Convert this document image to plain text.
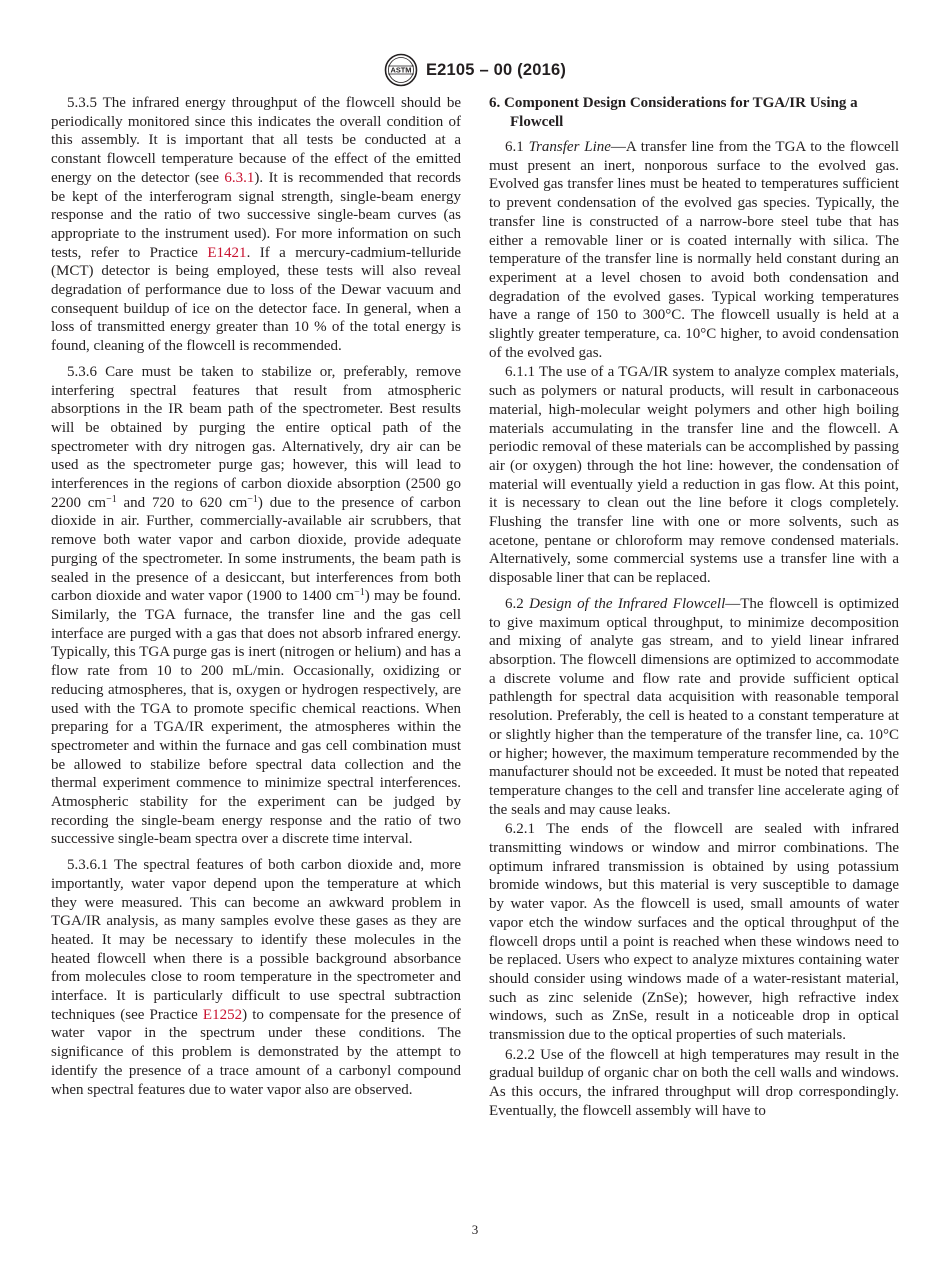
ASTM E2105 – 00 (2016)

5.3.5 The infrared energy throughput of the flowcell should be periodically monitored since this indicates the overall condition of this assembly. It is important that all tests be conducted at a constant flowcell temperature because of the effect of the emitted energy on the detector (see 6.3.1). It is recommended that records be kept of the interferogram signal strength, single-beam energy response and the ratio of two successive single-beam curves (as appropriate to the instrument used). For more information on such tests, refer to Practice E1421. If a mercury-cadmium-telluride (MCT) detector is being employed, these tests will also reveal degradation of performance due to loss of the Dewar vacuum and consequent buildup of ice on the detector face. In general, when a loss of transmitted energy greater than 10 % of the total energy is found, cleaning of the flowcell is recommended.

5.3.6 Care must be taken to stabilize or, preferably, remove interfering spectral features that result from atmospheric absorptions in the IR beam path of the spectrometer. Best results will be obtained by purging the entire optical path of the spectrometer with dry nitrogen gas. Alternatively, dry air can be used as the spectrometer purge gas; however, this will lead to interferences in the regions of carbon dioxide absorption (2500 go 2200 $cm^{-1}$ and 720 to 620 $cm^{-1}$) due to the presence of carbon dioxide in air. Further, commercially-available air scrubbers, that remove both water vapor and carbon dioxide, provide adequate purging of the spectrometer. In some instruments, the beam path is sealed in the presence of a desiccant, but interferences from both carbon dioxide and water vapor (1900 to 1400 $cm^{-1}$) may be found. Similarly, the TGA furnace, the transfer line and the gas cell interface are purged with a gas that does not absorb infrared energy. Typically, this TGA purge gas is inert (nitrogen or helium) and has a flow rate from 10 to 200 mL/min. Occasionally, oxidizing or reducing atmospheres, that is, oxygen or hydrogen respectively, are used with the TGA to promote specific chemical reactions. When preparing for a TGA/IR experiment, the atmospheres within the spectrometer and within the furnace and gas cell combination must be allowed to stabilize before spectral data collection and the thermal experiment commence to minimize spectral interferences. Atmospheric stability for the experiment can be judged by recording the single-beam energy response and the ratio of two successive single-beam spectra over a discrete time interval.

5.3.6.1 The spectral features of both carbon dioxide and, more importantly, water vapor depend upon the temperature at which they were measured. This can become an awkward problem in TGA/IR analysis, as many samples evolve these gases as they are heated. It may be necessary to identify these molecules in the heated flowcell when there is a possible background absorbance from molecules close to room temperature in the spectrometer and interface. It is particularly difficult to use spectral subtraction techniques (see Practice E1252) to compensate for the presence of water vapor in the spectrum under these conditions. The significance of this problem is demonstrated by the attempt to identify the presence of a trace amount of a carbonyl compound when spectral features due to water vapor also are observed.

6. Component Design Considerations for TGA/IR Using a Flowcell

6.1 Transfer Line—A transfer line from the TGA to the flowcell must present an inert, nonporous surface to the evolved gas. Evolved gas transfer lines must be heated to temperatures sufficient to prevent condensation of the evolved gas species. Typically, the transfer line is constructed of a narrow-bore steel tube that has either a removable liner or is coated internally with silica. The temperature of the transfer line is normally held constant during an experiment at a level chosen to avoid both condensation and degradation of the evolved gases. Typical working temperatures have a range of 150 to 300°C. The flowcell usually is held at a slightly greater temperature, ca. 10°C higher, to avoid condensation of the evolved gas.

6.1.1 The use of a TGA/IR system to analyze complex materials, such as polymers or natural products, will result in carbonaceous material, high-molecular weight polymers and other high boiling materials accumulating in the transfer line and the flowcell. A periodic removal of these materials can be accomplished by passing air (or oxygen) through the hot line: however, the condensation of material will eventually yield a reduction in gas flow. At this point, it is necessary to clean out the line before it clogs completely. Flushing the transfer line with one or more solvents, such as acetone, pentane or chloroform may remove condensed materials. Alternatively, some commercial systems use a transfer line with a disposable liner that can be replaced.

6.2 Design of the Infrared Flowcell—The flowcell is optimized to give maximum optical throughput, to minimize decomposition and mixing of analyte gas stream, and to yield linear infrared absorption. The flowcell dimensions are optimized to accommodate a discrete volume and flow rate and provide sufficient optical pathlength for spectral data acquisition with reasonable temporal resolution. Preferably, the cell is heated to a constant temperature at or slightly higher than the temperature of the transfer line, ca. 10°C or higher; however, the maximum temperature recommended by the manufacturer should not be exceeded. It must be noted that repeated temperature changes to the cell and transfer line accelerate aging of the seals and may cause leaks.

6.2.1 The ends of the flowcell are sealed with infrared transmitting windows or window and mirror combinations. The optimum infrared transmission is obtained by using potassium bromide windows, but this material is very susceptible to damage by water vapor. As the flowcell is used, small amounts of water vapor etch the window surfaces and the optical throughput of the flowcell drops until a point is reached when these windows need to be replaced. Users who expect to analyze mixtures containing water should consider using windows made of a water-resistant material, such as zinc selenide (ZnSe); however, high refractive index windows, such as ZnSe, result in a noticeable drop in optical transmission due to the optical properties of such materials.

6.2.2 Use of the flowcell at high temperatures may result in the gradual buildup of organic char on both the cell walls and windows. As this occurs, the infrared throughput will drop correspondingly. Eventually, the flowcell assembly will have to

3
